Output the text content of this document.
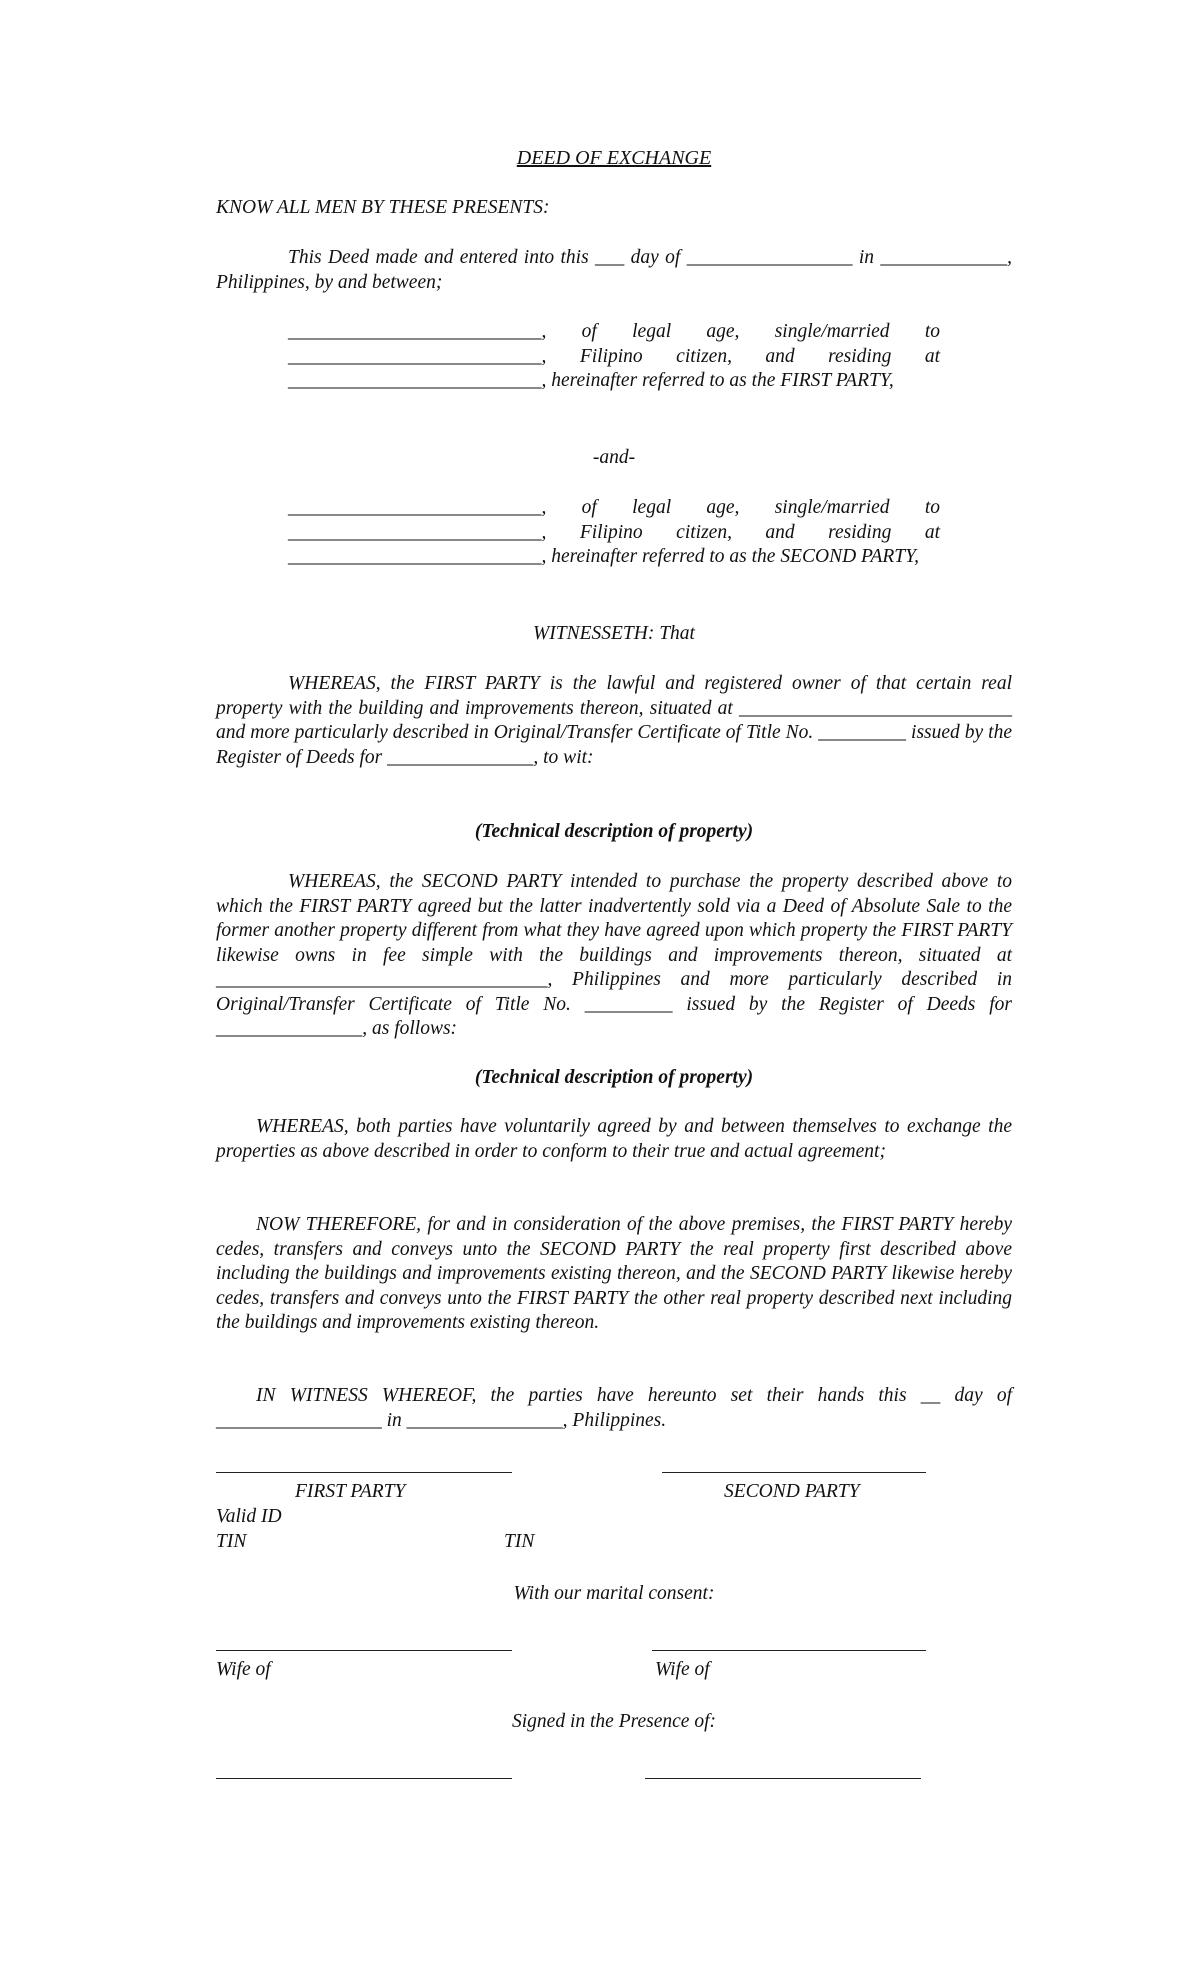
DEED OF EXCHANGE
KNOW ALL MEN BY THESE PRESENTS:
This Deed made and entered into this ___ day of _________________ in _____________, Philippines, by and between;
__________________________, of legal age, single/married to __________________________, Filipino citizen, and residing at __________________________, hereinafter referred to as the FIRST PARTY,
-and-
__________________________, of legal age, single/married to __________________________, Filipino citizen, and residing at __________________________, hereinafter referred to as the SECOND PARTY,
WITNESSETH: That
WHEREAS, the FIRST PARTY is the lawful and registered owner of that certain real property with the building and improvements thereon, situated at ____________________________ and more particularly described in Original/Transfer Certificate of Title No. _________ issued by the Register of Deeds for _______________, to wit:
(Technical description of property)
WHEREAS, the SECOND PARTY intended to purchase the property described above to which the FIRST PARTY agreed but the latter inadvertently sold via a Deed of Absolute Sale to the former another property different from what they have agreed upon which property the FIRST PARTY likewise owns in fee simple with the buildings and improvements thereon, situated at __________________________________, Philippines and more particularly described in Original/Transfer Certificate of Title No. _________ issued by the Register of Deeds for _______________, as follows:
(Technical description of property)
WHEREAS, both parties have voluntarily agreed by and between themselves to exchange the properties as above described in order to conform to their true and actual agreement;
NOW THEREFORE, for and in consideration of the above premises, the FIRST PARTY hereby cedes, transfers and conveys unto the SECOND PARTY the real property first described above including the buildings and improvements existing thereon, and the SECOND PARTY likewise hereby cedes, transfers and conveys unto the FIRST PARTY the other real property described next including the buildings and improvements existing thereon.
IN WITNESS WHEREOF, the parties have hereunto set their hands this __ day of _________________ in ________________, Philippines.
FIRST PARTY	SECOND PARTY
Valid ID
TIN	TIN
With our marital consent:
Wife of	Wife of
Signed in the Presence of:
